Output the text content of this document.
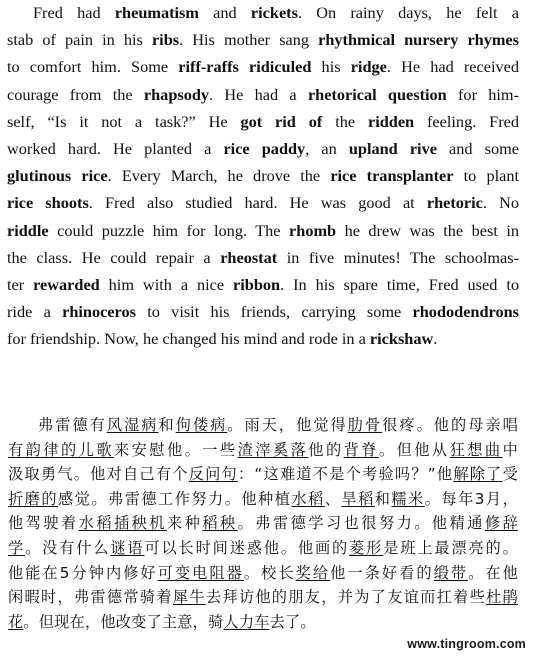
Fred had rheumatism and rickets. On rainy days, he felt a
stab of pain in his ribs. His mother sang rhythmical nursery rhymes
to comfort him. Some riff-raffs ridiculed his ridge. He had received
courage from the rhapsody. He had a rhetorical question for him-
self, “Is it not a task?” He got rid of the ridden feeling. Fred
worked hard. He planted a rice paddy, an upland rive and some
glutinous rice. Every March, he drove the rice transplanter to plant
rice shoots. Fred also studied hard. He was good at rhetoric. No
riddle could puzzle him for long. The rhomb he drew was the best in
the class. He could repair a rheostat in five minutes! The schoolmas-
ter rewarded him with a nice ribbon. In his spare time, Fred used to
ride a rhinoceros to visit his friends, carrying some rhododendrons
for friendship. Now, he changed his mind and rode in a rickshaw.
弗雷德有风湿病和佝偻病。雨天，他觉得肋骨很疼。他的母亲唱
有韵律的儿歌来安慰他。一些渣滓奚落他的背脊。但他从狂想曲中
汲取勇气。他对自己有个反问句：“这难道不是个考验吗？”他解除了受
折磨的感觉。弗雷德工作努力。他种植水稻、旱稻和糯米。每年3月，
他驾驶着水稻插秧机来种稻秧。弗雷德学习也很努力。他精通修辞
学。没有什么谜语可以长时间迷惑他。他画的菱形是班上最漂亮的。
他能在5分钟内修好可变电阻器。校长奖给他一条好看的缎带。在他
闲暇时，弗雷德常骑着犀牛去拜访他的朋友，并为了友谊而扛着些杜鹃
花。但现在，他改变了主意，骑人力车去了。
www.tingroom.com
